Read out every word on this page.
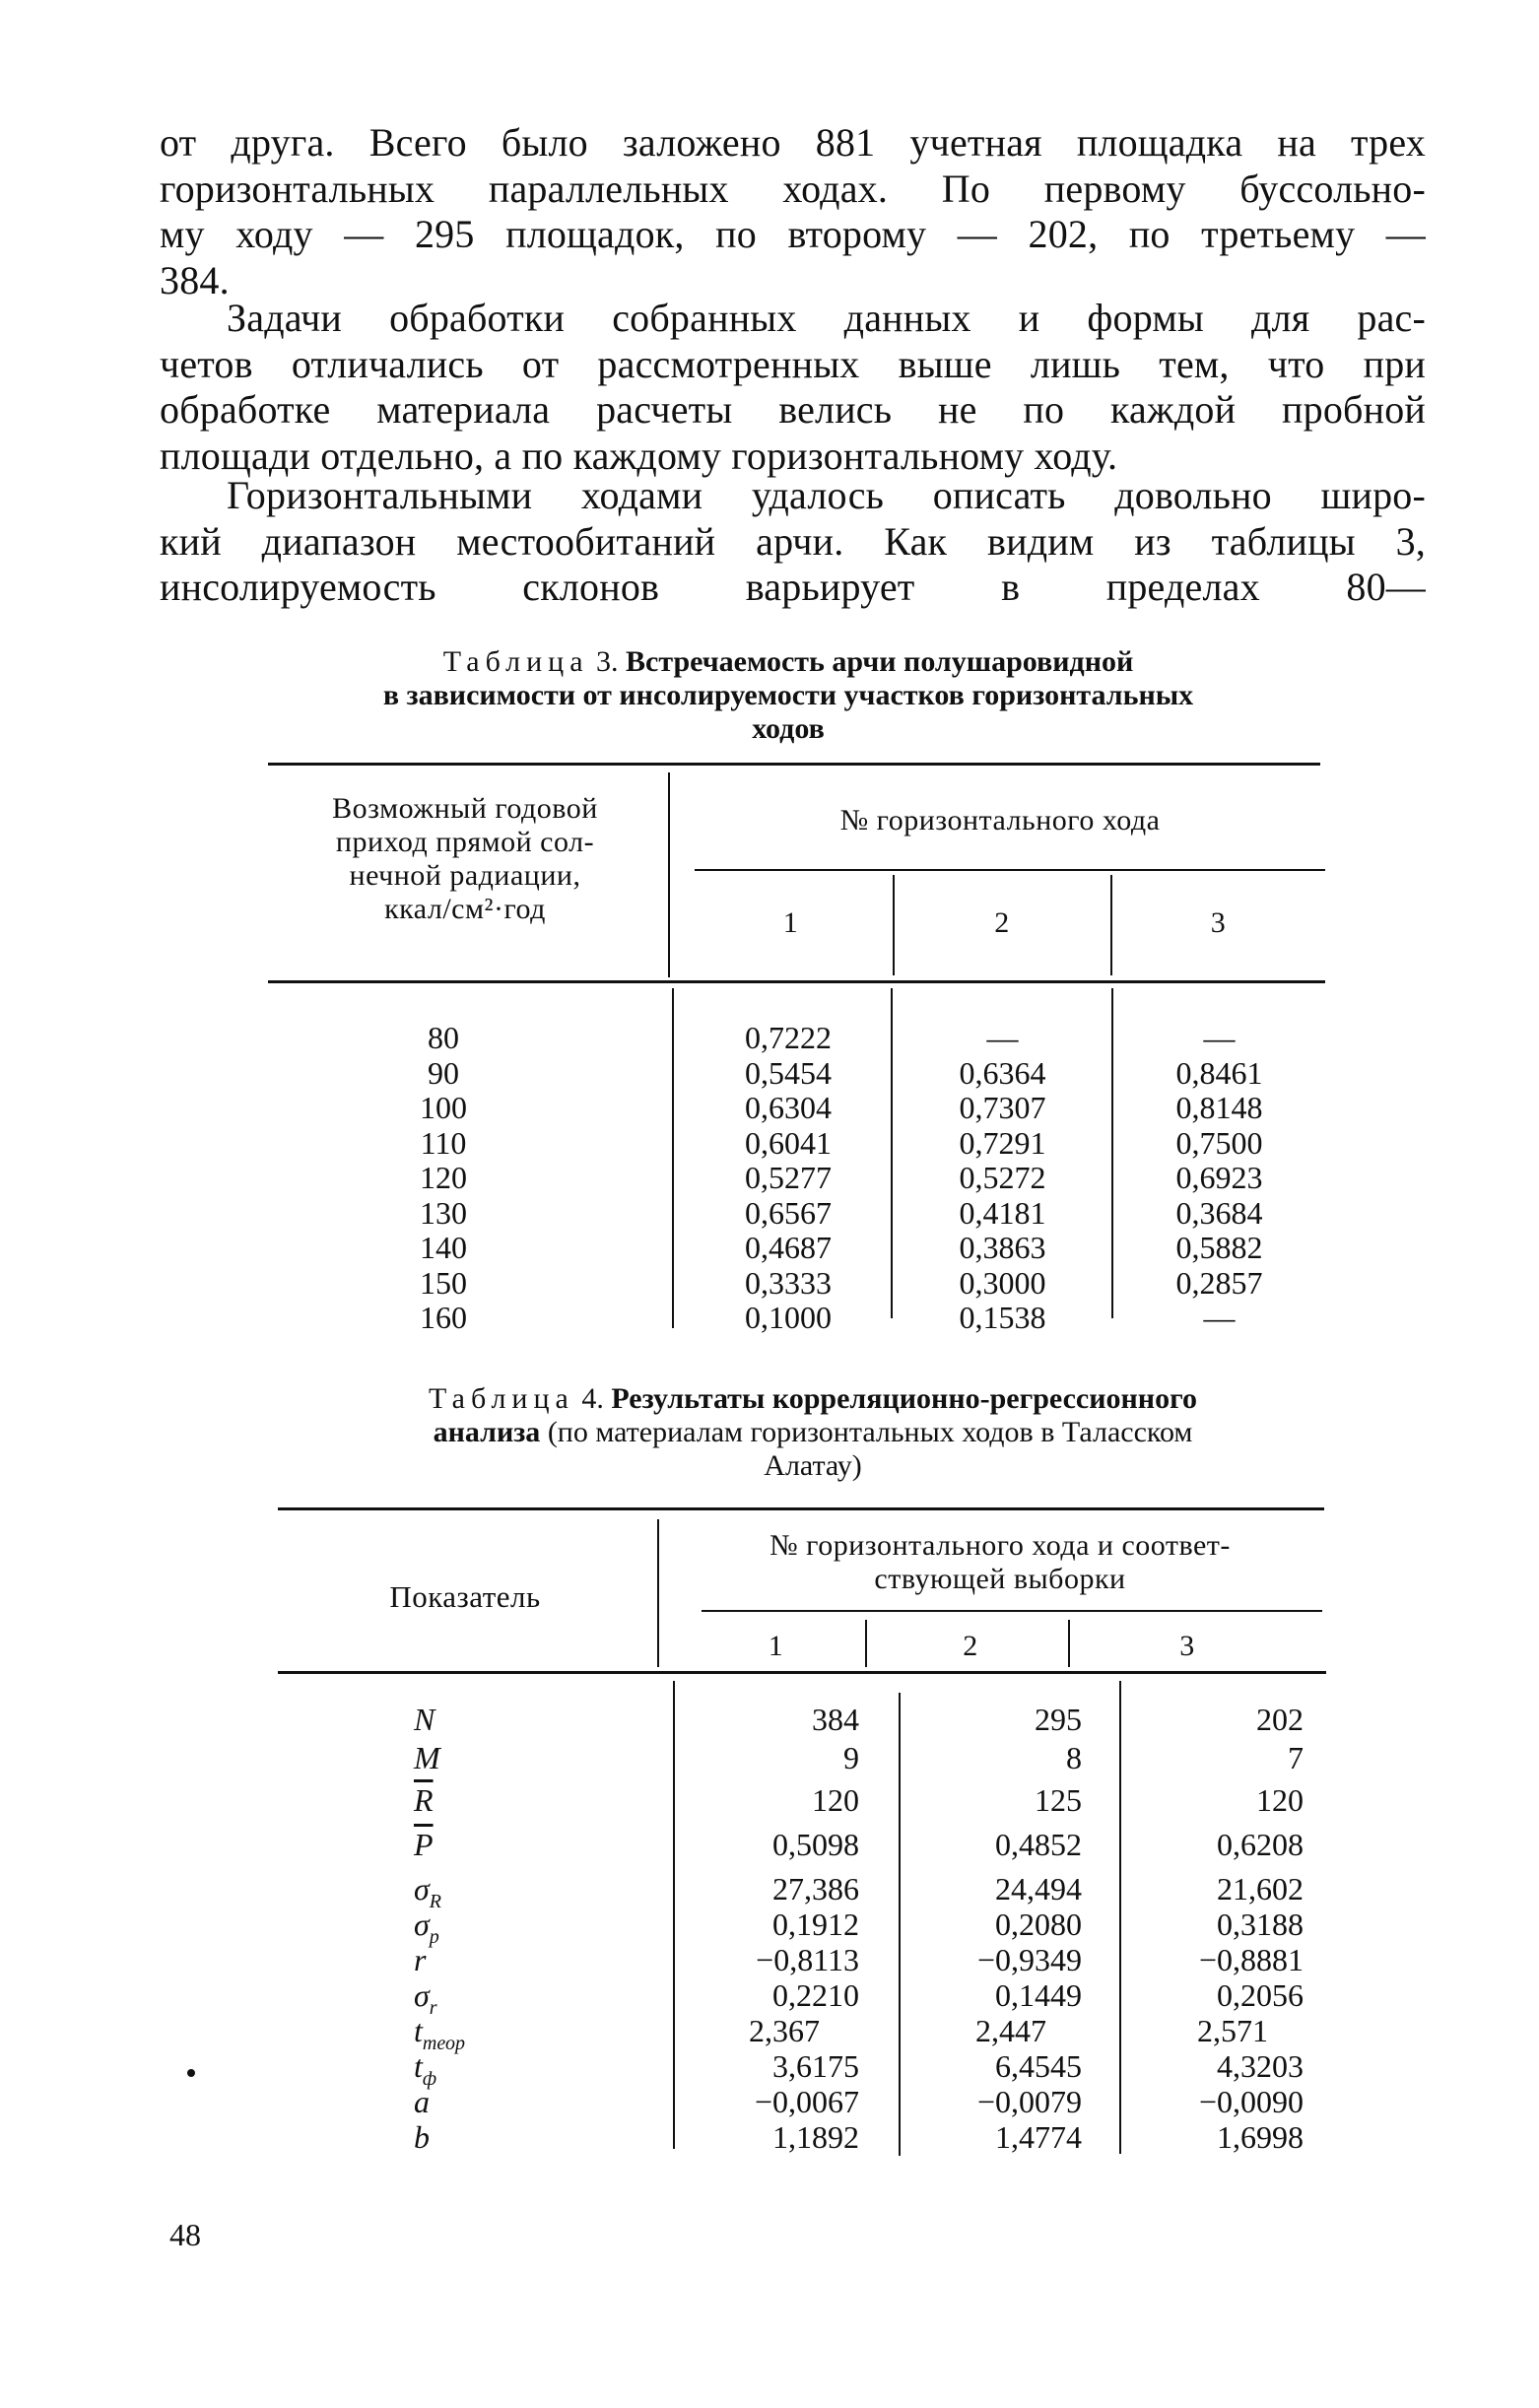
от друга. Всего было заложено 881 учетная площадка на трех
горизонтальных параллельных ходах. По первому буссольно-
му ходу — 295 площадок, по второму — 202, по третьему —
384.
Задачи обработки собранных данных и формы для рас-
четов отличались от рассмотренных выше лишь тем, что при
обработке материала расчеты велись не по каждой пробной
площади отдельно, а по каждому горизонтальному ходу.
Горизонтальными ходами удалось описать довольно широ-
кий диапазон местообитаний арчи. Как видим из таблицы 3,
инсолируемость склонов варьирует в пределах 80—
Таблица 3. Встречаемость арчи полушаровидной
в зависимости от инсолируемости участков горизонтальных
ходов
Возможный годовой
приход прямой сол-
нечной радиации,
ккал/см²·год
№ горизонтального хода
1	2	3
80	0,7222	—	—
90	0,5454	0,6364	0,8461
100	0,6304	0,7307	0,8148
110	0,6041	0,7291	0,7500
120	0,5277	0,5272	0,6923
130	0,6567	0,4181	0,3684
140	0,4687	0,3863	0,5882
150	0,3333	0,3000	0,2857
160	0,1000	0,1538	—
Таблица 4. Результаты корреляционно-регрессионного
анализа (по материалам горизонтальных ходов в Таласском
Алатау)
Показатель
№ горизонтального хода и соответ-
ствующей выборки
1	2	3
N	384	295	202
M	9	8	7
$\overline{R}$	120	125	120
$\overline{P}$	0,5098	0,4852	0,6208
$\sigma_R$	27,386	24,494	21,602
$\sigma_p$	0,1912	0,2080	0,3188
r	−0,8113	−0,9349	−0,8881
$\sigma_r$	0,2210	0,1449	0,2056
$t_{теор}$	2,367	2,447	2,571
$t_ф$	3,6175	6,4545	4,3203
a	−0,0067	−0,0079	−0,0090
b	1,1892	1,4774	1,6998
48
